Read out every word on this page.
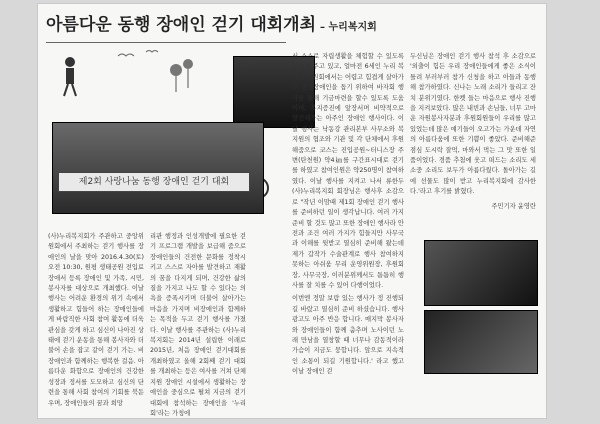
아름다운 동행 장애인 걷기 대회개최 – 누리복지회
제2회 사랑나눔 동행 장애인 걷기 대회

(사)누리복지회가 주관하고 중앙위원회에서 주최하는 걷기 행사를 장애인의 날을 맞아 2016.4.30(토) 오전 10:30, 원평 생태공원 전입료 장애서 등록 장애인 및 가족, 시민, 봉사자를 대상으로 개최했다. 이날 행사는 어려운 환경의 위기 속에서 생활하고 힘들어 하는 장애인들에게 바람직한 사회 참여 활동에 더욱 관심을 갖게 하고 심신이 나아진 상태에 걷기 운동을 통해 봉사자와 더불어 손을 잡고 같이 걷기 가는. 비장애인과 함께하는 행복한 걸음. 아름다운 화합으로 장애인의 건강한 성장과 정서를 도모하고 심신의 단련을 통해 사회 참여의 기회를 북돋우며, 장애인들의 꿈과 희망

리관 행정과 인성개발에 필요한 걷기 프로그램 개발을 보급해 줌으로 장애인들의 건전한 문화를 정착시키고 스스로 자아를 발견하고 재활의 꿈을 다지게 되며, 건강한 삶의 질을 가지고 나도 할 수 있다는 의욕을 증폭시키며 더불어 살아가는 마음을 가지며 비장애인과 함께하는 목적을 두고 걷기 행사를 가졌다. 이날 행사를 주관하는 (사)누리복지회는 2014년 설립한 이래로 2015년, 처음 장애인 걷기대회를 개최하였고 올해 2회째 걷기 대회를 개최하는 등은 여사를 거쳐 단체지원 장애인 시설에서 생활하는 장애인을 중심으로 펼쳐 지금의 걷기 대회에 참석하는 장애인을 '누리회'라는 가칭에

서 스스로 자립생활을 체험할 수 있도록 도움을 주고 있고, 얼마전 6세인 누리 복지회 후원회에서는 어렵고 힘겹게 살아가는 중증장애인을 돕기 위하여 바자회 행사를 통해 기금마련을 할수 있도록 도움이며, 복지증진에 앞장서며 비약적으로 발전해가는 아주인 장애인 행사이다. 이날 행사는 낙동강 관리본부 사무소와 복지원의 협조와 기관 및 각 단체에서 후원해줌으로 코스는 진입공원~터니스장 주변(탄천원) 약4㎞를 구간표시대로 걷기를 하였고 참여인원은 약250명이 참여하였다. 이날 행사를 지켜고 나서 류한두 (사)누리복지회 회장님은 행사후 소감으로 "작년 이맘때 제1회 장애인 걷기 행사를 준비하던 일이 생각납니다. 여러 가지 준비 할 것도 많고 또한 장애인 행사라 안전과 조건 여러 가지가 힘들지만 사무국과 이해를 뒷받고 열심히 준비해 왔는데 제가 갑작가 수술관계로 행사 참여하지 못하는 아쉬움 무리 운영위원장, 후원회장, 사무국장, 이러분위께서도 틈틈히 행사를 잘 치를 수 있어 다행이었다.

이번엔 정말 보람 있는 행사가 정 진행되길 바랐고 열심히 준비 하셨습니다. 행사 광고도 아주 반응 합니다. 매지막 봉사자와 장애인들이 함께 춤추며 노사이던 노래 만남을 열창할 때 너무나 감동적이라 가슴이 지금도 뭉합니다. 앞으로 지속적인 소통이 되길 기원합니다.' 라고 했고 이날 장애인 걷

두신님은 장애인 걷기 행사 참석 후 소감으로 '외출이 힘든 우리 장애인들에게 좋은 소식이 틀려 부러부러 참가 신청을 하고 아들과 동행해 참가하였다. 신나는 노래 소리가 들리고 잔치 분위기였다. 한켓 들는 마음으로 행사 진행을 지켜보았다. 많은 내빈과 손님들, 너무 고마운 자원봉사자분과 후원회원들이 우리를 많고 있었는데 많은 얘기들이 오고가는 가운데 자연의 아름다움에 또한 기쁨이 좋았다. 준비해준 점심 도시락 잘먹, 마와서 먹는 그 맛 또한 일품이었다. 경품 추첨에 웃고 떠드는 소리도 세 소중 소리도 보두가 아름다웠다. 돌아가는 길에 선물도 많이 받고 누리복지회에 감사한다.'라고 후기를 밝혔다.

주민기자 윤영란
